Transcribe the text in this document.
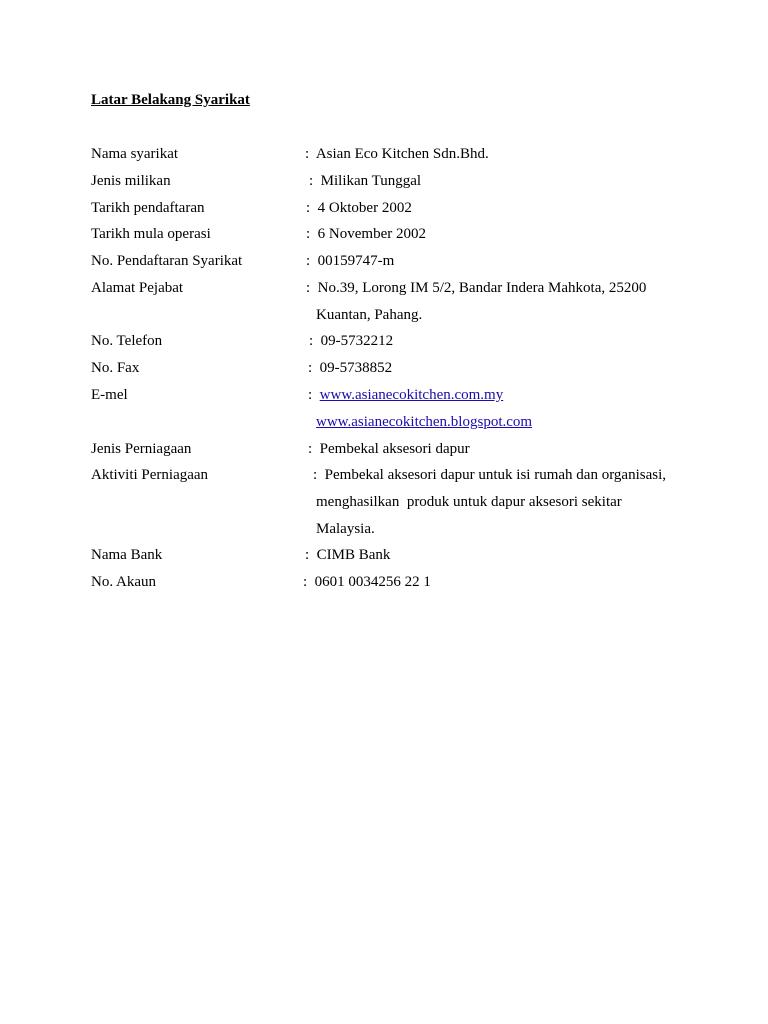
Latar Belakang Syarikat
Nama syarikat	:  Asian Eco Kitchen Sdn.Bhd.
Jenis milikan	:  Milikan Tunggal
Tarikh pendaftaran	:  4 Oktober 2002
Tarikh mula operasi	:  6 November 2002
No. Pendaftaran Syarikat	:  00159747-m
Alamat Pejabat	:  No.39, Lorong IM 5/2, Bandar Indera Mahkota, 25200
Kuantan, Pahang.
No. Telefon	:  09-5732212
No. Fax	:  09-5738852
E-mel	:  www.asianecokitchen.com.my
www.asianecokitchen.blogspot.com
Jenis Perniagaan	:  Pembekal aksesori dapur
Aktiviti Perniagaan	:  Pembekal aksesori dapur untuk isi rumah dan organisasi,
menghasilkan  produk untuk dapur aksesori sekitar
Malaysia.
Nama Bank	:  CIMB Bank
No. Akaun	:  0601 0034256 22 1
